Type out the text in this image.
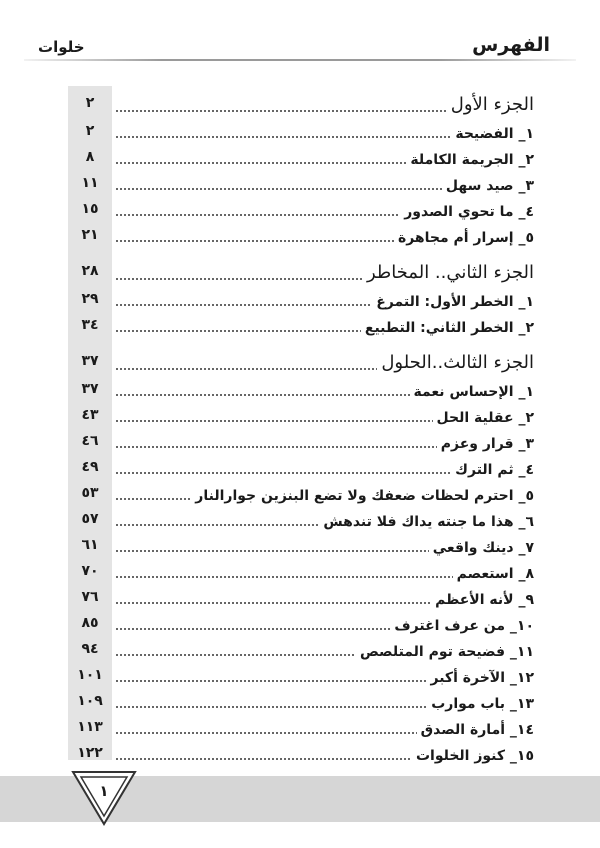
الفهرس
خلوات
٢	الجزء الأول
٢	١_ الفضيحة
٨	٢_ الجريمة الكاملة
١١	٣_ صيد سهل
١٥	٤_ ما تحوي الصدور
٢١	٥_ إسرار أم مجاهرة
٢٨	الجزء الثاني.. المخاطر
٢٩	١_ الخطر الأول: التمرغ
٣٤	٢_ الخطر الثاني: التطبيع
٣٧	الجزء الثالث..الحلول
٣٧	١_ الإحساس نعمة
٤٣	٢_ عقلية الحل
٤٦	٣_ قرار وعزم
٤٩	٤_ ثم الترك
٥٣	٥_ احترم لحظات ضعفك ولا تضع البنزين جوارالنار
٥٧	٦_ هذا ما جنته يداك فلا تندهش
٦١	٧_ دينك واقعي
٧٠	٨_ استعصم
٧٦	٩_ لأنه الأعظم
٨٥	١٠_ من عرف اغترف
٩٤	١١_ فضيحة توم المتلصص
١٠١	١٢_ الآخرة أكبر
١٠٩	١٣_ باب موارب
١١٣	١٤_ أمارة الصدق
١٢٢	١٥_ كنوز الخلوات
١
